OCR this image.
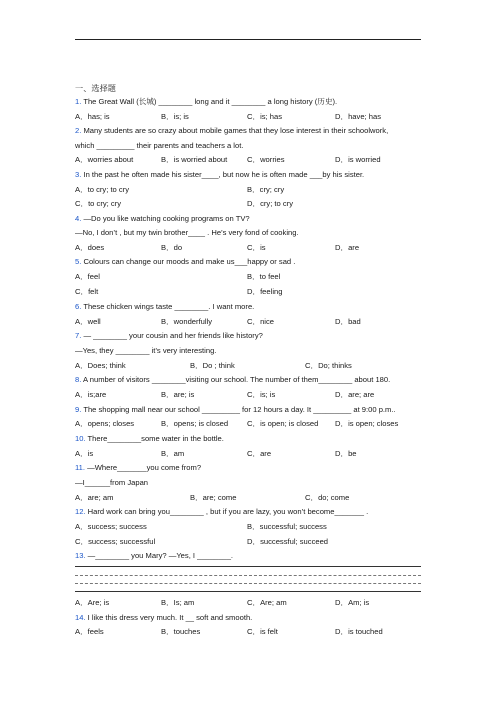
一、选择题
1. The Great Wall (长城) ________ long and it ________ a long history (历史).
A．has; is	B．is; is	C．is; has	D．have; has
2. Many students are so crazy about mobile games that they lose interest in their schoolwork,
which _________ their parents and teachers a lot.
A．worries about	B．is worried about	C．worries	D．is worried
3. In the past he often made his sister____, but now he is often made ___by his sister.
A．to cry; to cry	B．cry; cry
C．to cry; cry	D．cry; to cry
4. —Do you like watching cooking programs on TV?
—No, I don’t , but my twin brother____ . He’s very fond of cooking.
A．does	B．do	C．is	D．are
5. Colours can change our moods and make us___happy or sad .
A．feel	B．to feel
C．felt	D．feeling
6. These chicken wings taste ________. I want more.
A．well	B．wonderfully	C．nice	D．bad
7. — ________ your cousin and her friends like history?
—Yes, they ________ it’s very interesting.
A．Does; think	B．Do ; think	C．Do; thinks
8. A number of visitors ________visiting our school. The number of them________ about 180.
A．is;are	B．are; is	C．is; is	D．are; are
9. The shopping mall near our school _________ for 12 hours a day. It _________ at 9:00 p.m..
A．opens; closes	B．opens; is closed C．is open; is closed D．is open; closes
10. There________some water in the bottle.
A．is	B．am	C．are	D．be
11. —Where_______you come from?
—I______from Japan
A．are; am	B．are; come	C．do; come
12. Hard work can bring you________ , but if you are lazy, you won’t become_______ .
A．success; success	B．successful; success
C．success; successful	D．successful; succeed
13. —________ you Mary? —Yes, I ________.
A．Are; is	B．Is; am	C．Are; am	D．Am; is
14. I like this dress very much. It __ soft and smooth.
A．feels	B．touches	C．is felt	D．is touched
